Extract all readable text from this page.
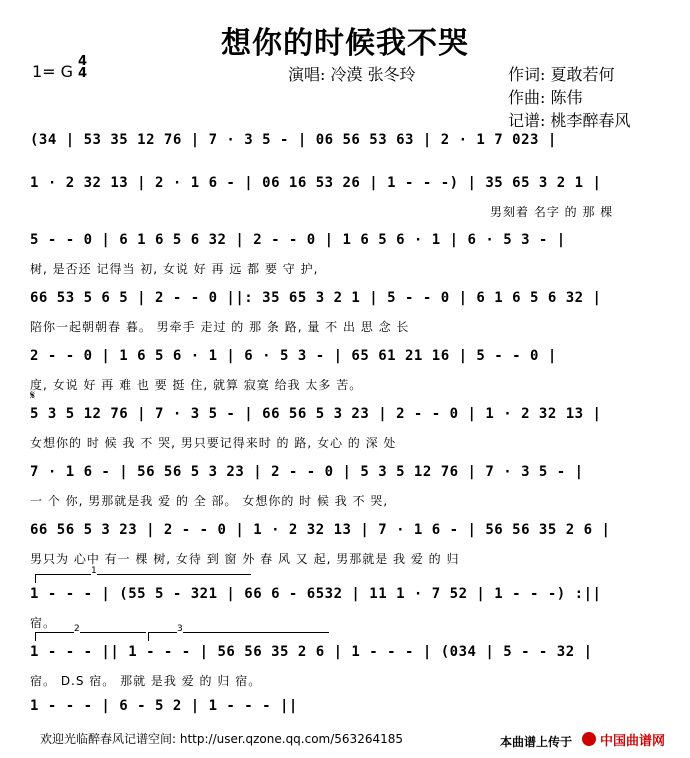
想你的时候我不哭
1= G
4
4	演唱: 冷漠 张冬玲	作词: 夏敢若何
作曲: 陈伟
记谱: 桃李醉春风
𝄋
1
2	3
(34 | 53 35 12 76 | 7 · 3 5 - | 06 56 53 63 | 2 · 1 7 023 |
1 · 2 32 13 | 2 · 1 6 - | 06 16 53 26 | 1 - - -) | 35 65 3 2 1 |
男刻着 名字 的 那 棵
5 - - 0 | 6 1 6 5 6 32 | 2 - - 0 | 1 6 5 6 · 1 | 6 · 5 3 - |
树, 是否还 记得当 初, 女说 好 再 远 都 要 守 护,
66 53 5 6 5 | 2 - - 0 ||: 35 65 3 2 1 | 5 - - 0 | 6 1 6 5 6 32 |
陪你一起朝朝春 暮。 男牵手 走过 的 那 条 路, 量 不 出 思 念 长
2 - - 0 | 1 6 5 6 · 1 | 6 · 5 3 - | 65 61 21 16 | 5 - - 0 |
度, 女说 好 再 难 也 要 挺 住, 就算 寂寞 给我 太多 苦。
5 3 5 12 76 | 7 · 3 5 - | 66 56 5 3 23 | 2 - - 0 | 1 · 2 32 13 |
女想你的 时 候 我 不 哭, 男只要记得来时 的 路, 女心 的 深 处
7 · 1 6 - | 56 56 5 3 23 | 2 - - 0 | 5 3 5 12 76 | 7 · 3 5 - |
一 个 你, 男那就是我 爱 的 全 部。 女想你的 时 候 我 不 哭,
66 56 5 3 23 | 2 - - 0 | 1 · 2 32 13 | 7 · 1 6 - | 56 56 35 2 6 |
男只为 心中 有一 棵 树, 女待 到 窗 外 春 风 又 起, 男那就是 我 爱 的 归
1 - - - | (55 5 - 321 | 66 6 - 6532 | 11 1 · 7 52 | 1 - - -) :||
宿。
1 - - - || 1 - - - | 56 56 35 2 6 | 1 - - - | (034 | 5 - - 32 |
宿。 D.S 宿。 那就 是我 爱 的 归 宿。
1 - - - | 6 - 5 2 | 1 - - - ||
欢迎光临醉春风记谱空间: http://user.qzone.qq.com/563264185	本曲谱上传于 中国曲谱网
